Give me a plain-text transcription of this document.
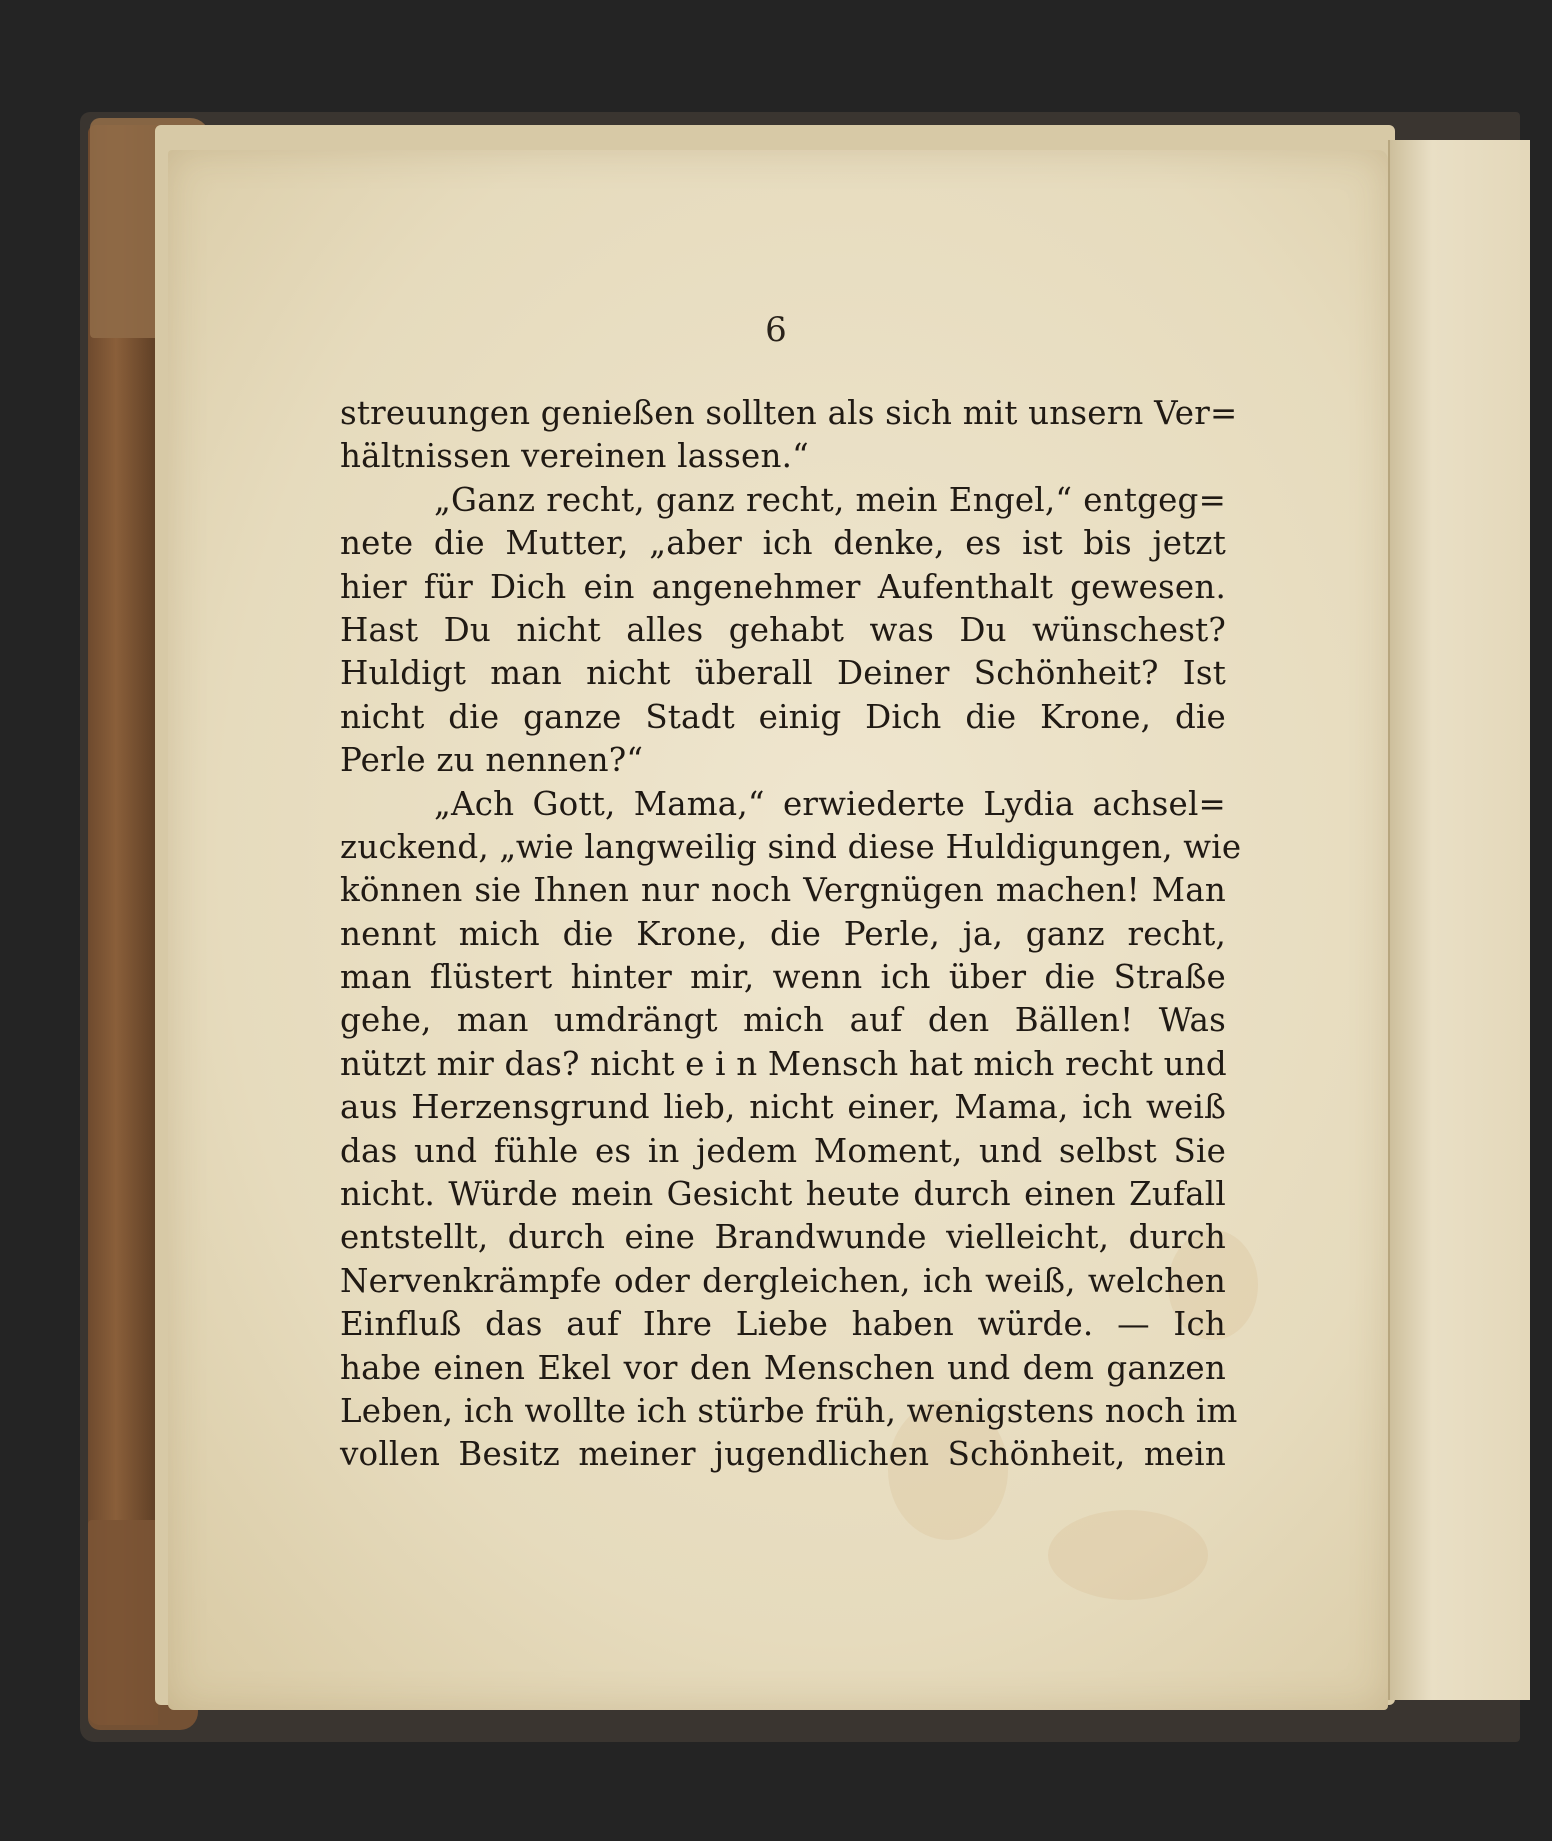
6
streuungen genießen sollten als sich mit unsern Ver=
hältnissen vereinen lassen.“
„Ganz recht, ganz recht, mein Engel,“ entgeg=
nete die Mutter, „aber ich denke, es ist bis jetzt
hier für Dich ein angenehmer Aufenthalt gewesen.
Hast Du nicht alles gehabt was Du wünschest?
Huldigt man nicht überall Deiner Schönheit? Ist
nicht die ganze Stadt einig Dich die Krone, die
Perle zu nennen?“
„Ach Gott, Mama,“ erwiederte Lydia achsel=
zuckend, „wie langweilig sind diese Huldigungen, wie
können sie Ihnen nur noch Vergnügen machen! Man
nennt mich die Krone, die Perle, ja, ganz recht,
man flüstert hinter mir, wenn ich über die Straße
gehe, man umdrängt mich auf den Bällen! Was
nützt mir das? nicht e i n Mensch hat mich recht und
aus Herzensgrund lieb, nicht einer, Mama, ich weiß
das und fühle es in jedem Moment, und selbst Sie
nicht. Würde mein Gesicht heute durch einen Zufall
entstellt, durch eine Brandwunde vielleicht, durch
Nervenkrämpfe oder dergleichen, ich weiß, welchen
Einfluß das auf Ihre Liebe haben würde. — Ich
habe einen Ekel vor den Menschen und dem ganzen
Leben, ich wollte ich stürbe früh, wenigstens noch im
vollen Besitz meiner jugendlichen Schönheit, mein
